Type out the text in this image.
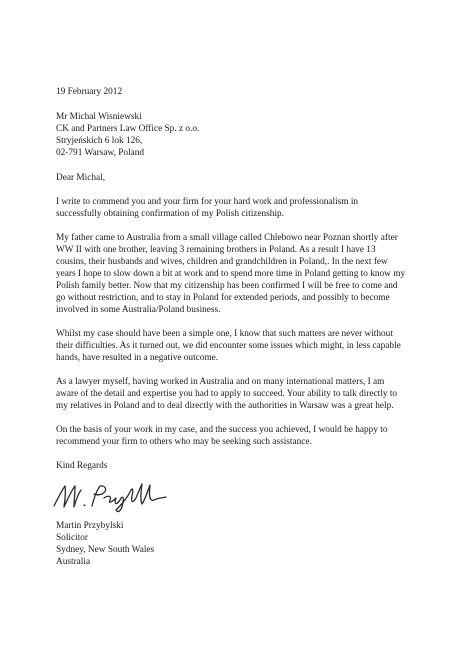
19 February 2012
Mr Michal Wisniewski
CK and Partners Law Office Sp. z o.o.
Stryjeńskich 6 lok 126,
02-791 Warsaw, Poland
Dear Michal,
I write to commend you and your firm for your hard work and professionalism in
successfully obtaining confirmation of my Polish citizenship.
My father came to Australia from a small village called Chlebowo near Poznan shortly after
WW II with one brother, leaving 3 remaining brothers in Poland. As a result I have 13
cousins, their husbands and wives, children and grandchildren in Poland,. In the next few
years I hope to slow down a bit at work and to spend more time in Poland getting to know my
Polish family better. Now that my citizenship has been confirmed I will be free to come and
go without restriction, and to stay in Poland for extended periods, and possibly to become
involved in some Australia/Poland business.
Whilst my case should have been a simple one, I know that such matters are never without
their difficulties. As it turned out, we did encounter some issues which might, in less capable
hands, have resulted in a negative outcome.
As a lawyer myself, having worked in Australia and on many international matters, I am
aware of the detail and expertise you had to apply to succeed. Your ability to talk directly to
my relatives in Poland and to deal directly with the authorities in Warsaw was a great help.
On the basis of your work in my case, and the success you achieved, I would be happy to
recommend your firm to others who may be seeking such assistance.
Kind Regards
Martin Przybylski
Solicitor
Sydney, New South Wales
Australia
